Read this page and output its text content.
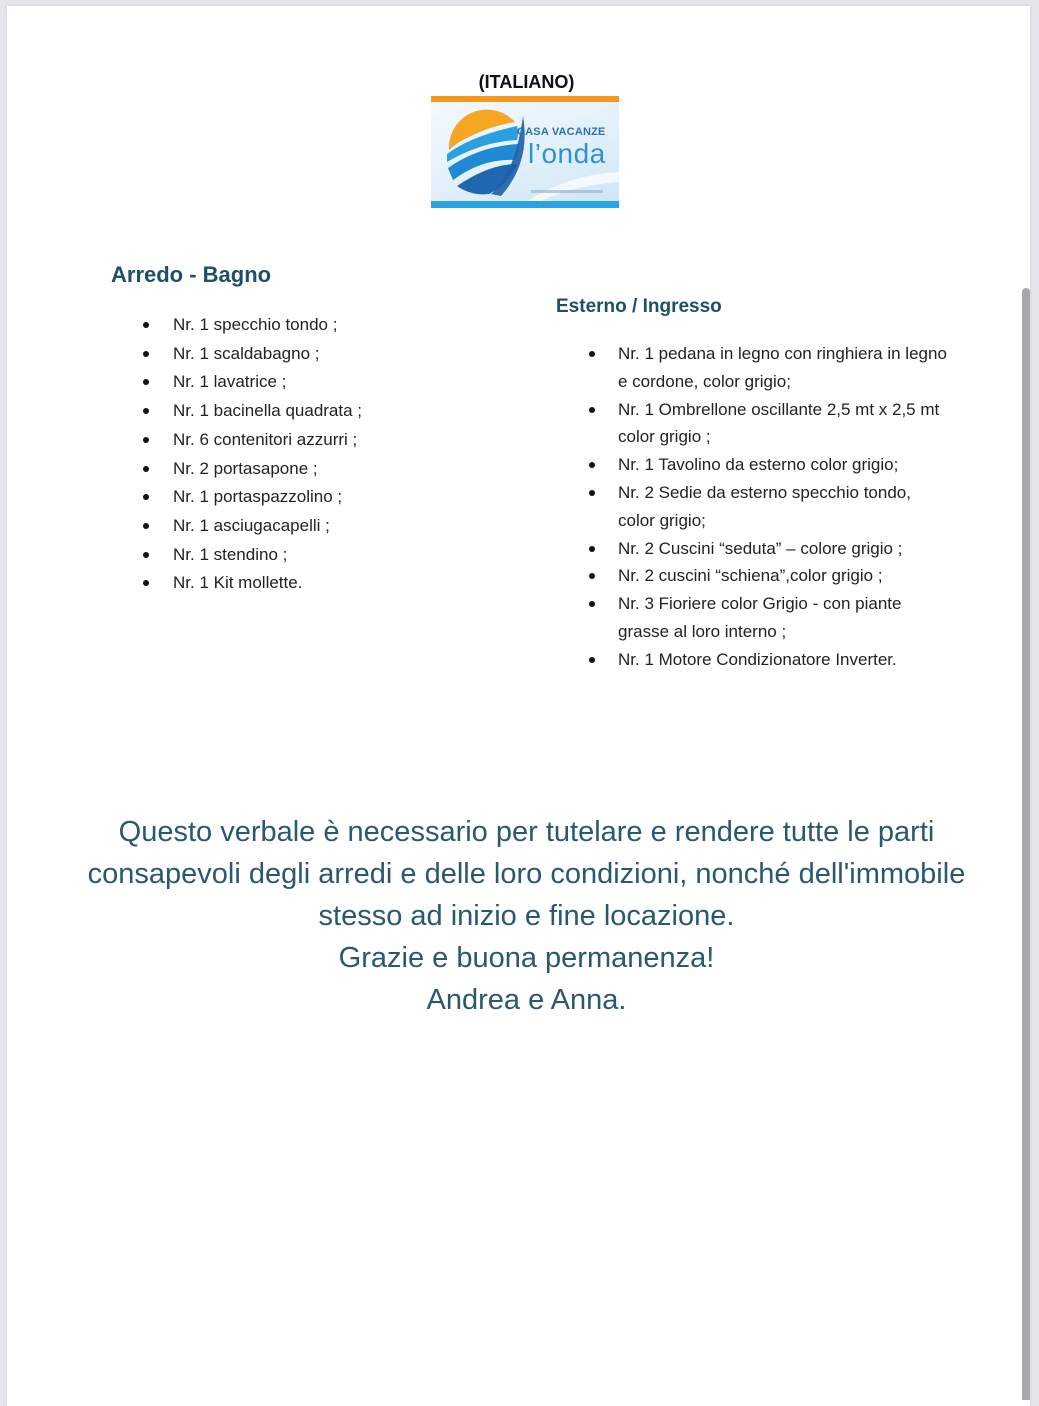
(ITALIANO)
CASA VACANZE
l’onda
Arredo - Bagno
Nr. 1 specchio tondo ;
Nr. 1 scaldabagno ;
Nr. 1 lavatrice ;
Nr. 1 bacinella quadrata ;
Nr. 6 contenitori azzurri ;
Nr. 2 portasapone ;
Nr. 1 portaspazzolino ;
Nr. 1 asciugacapelli ;
Nr. 1 stendino ;
Nr. 1 Kit mollette.
Esterno / Ingresso
Nr. 1 pedana in legno con ringhiera in legno e cordone, color grigio;
Nr. 1 Ombrellone oscillante 2,5 mt x 2,5 mt color grigio ;
Nr. 1 Tavolino da esterno color grigio;
Nr. 2 Sedie da esterno specchio tondo, color grigio;
Nr. 2 Cuscini “seduta” – colore grigio ;
Nr. 2 cuscini “schiena”,color grigio ;
Nr. 3 Fioriere color Grigio - con piante grasse al loro interno ;
Nr. 1 Motore Condizionatore Inverter.

Questo verbale è necessario per tutelare e rendere tutte le parti consapevoli degli arredi e delle loro condizioni, nonché dell'immobile stesso ad inizio e fine locazione.

Grazie e buona permanenza!

Andrea e Anna.
